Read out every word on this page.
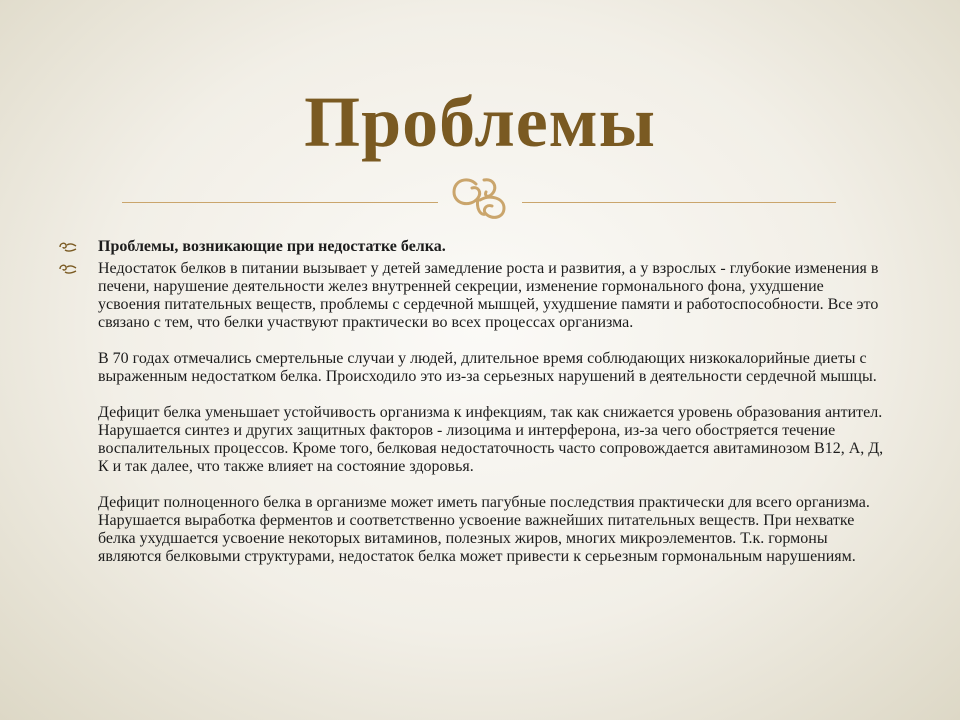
Проблемы
Проблемы, возникающие при недостатке белка.
Недостаток белков в питании вызывает у детей замедление роста и развития, а у взрослых - глубокие изменения в печени, нарушение деятельности желез внутренней секреции, изменение гормонального фона, ухудшение усвоения питательных веществ, проблемы с сердечной мышцей, ухудшение памяти и работоспособности. Все это связано с тем, что белки участвуют практически во всех процессах организма.
В 70 годах отмечались смертельные случаи у людей, длительное время соблюдающих низкокалорийные диеты с выраженным недостатком белка. Происходило это из-за серьезных нарушений в деятельности сердечной мышцы.
Дефицит белка уменьшает устойчивость организма к инфекциям, так как снижается уровень образования антител. Нарушается синтез и других защитных факторов - лизоцима и интерферона, из-за чего обостряется течение воспалительных процессов. Кроме того, белковая недостаточность часто сопровождается авитаминозом В12, А, Д, К и так далее, что также влияет на состояние здоровья.
Дефицит полноценного белка в организме может иметь пагубные последствия практически для всего организма. Нарушается выработка ферментов и соответственно усвоение важнейших питательных веществ. При нехватке белка ухудшается усвоение некоторых витаминов, полезных жиров, многих микроэлементов. Т.к. гормоны являются белковыми структурами, недостаток белка может привести к серьезным гормональным нарушениям.
